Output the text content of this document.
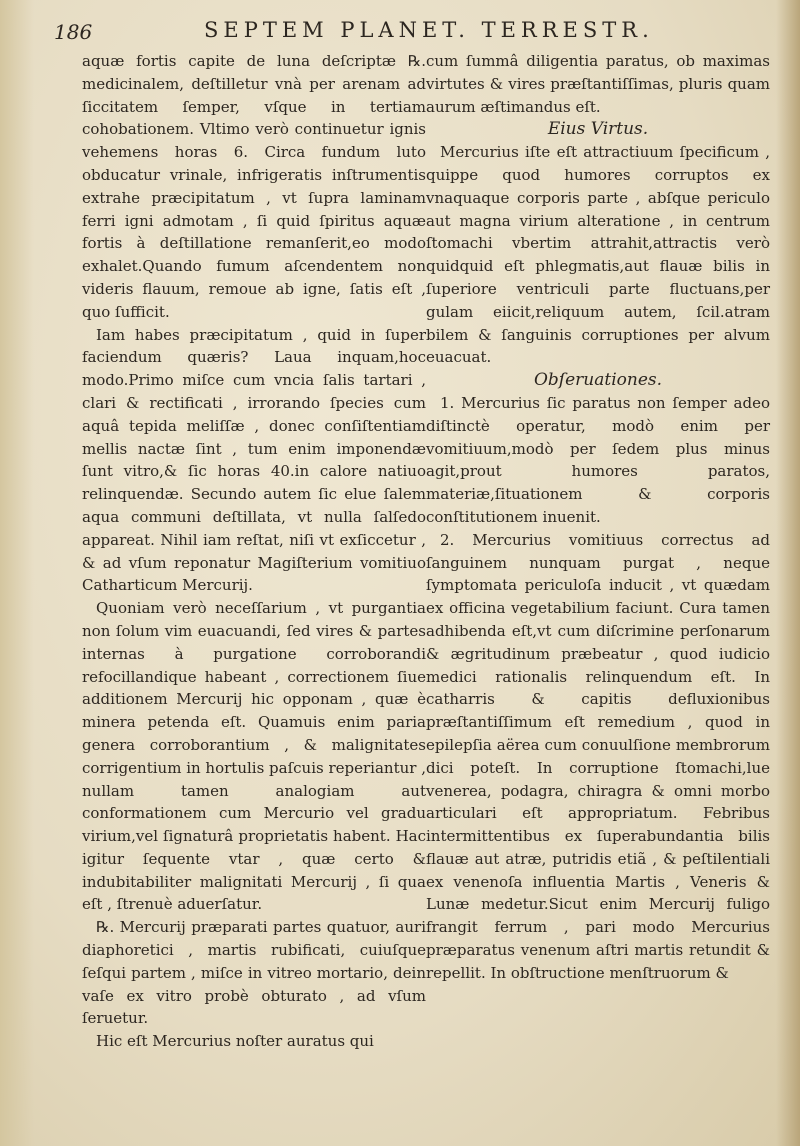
186	SEPTEM PLANET. TERRESTR.

aquæ fortis capite de luna deſcriptæ ℞. medicinalem, deſtilletur vnà per arenam ad ſiccitatem ſemper, vſque in tertiam cohobationem. Vltimo verò continuetur ignis vehemens horas 6. Circa fundum luto obducatur vrinale, infrigeratis inſtrumentis extrahe præcipitatum , vt ſupra laminam ferri igni admotam , ſi quid ſpiritus aquæ fortis à deſtillatione remanſerit,eo modo exhalet.Quando fumum aſcendentem non videris flauum, remoue ab igne, ſatis eſt , quo ſufficit.

Iam habes præcipitatum , quid in ſuper faciendum quæris? Laua inquam,hoc modo.Primo miſce cum vncia ſalis tartari , clari & rectificati , irrorando ſpecies cum aquâ tepida meliſſæ , donec conſiſtentiam mellis nactæ ſint , tum enim imponendæ ſunt vitro,& ſic horas 40.in calore natiuo relinquendæ. Secundo autem ſic elue ſalem aqua communi deſtillata, vt nulla ſalſedo appareat. Nihil iam reſtat, niſi vt exſiccetur , & ad vſum reponatur Magiſterium vomitiuo Catharticum Mercurij.

Quoniam verò neceſſarium , vt purgantia non ſolum vim euacuandi, ſed vires & partes internas à purgatione corroborandi refocillandique habeant , correctionem ſiue additionem Mercurij hic opponam , quæ è minera petenda eſt. Quamuis enim paria genera corroborantium , & malignitates corrigentium in hortulis paſcuis reperiantur , nullam tamen analogiam aut conformationem cum Mercurio vel gradu virium,vel ſignaturâ proprietatis habent. Hac igitur ſequente vtar , quæ certo & indubitabiliter malignitati Mercurij , ſi qua eſt , ſtrenuè aduerſatur.

℞. Mercurij præparati partes quatuor, auri diaphoretici , martis rubificati, cuiuſque ſeſqui partem , miſce in vitreo mortario, dein vaſe ex vitro probè obturato , ad vſum ſeruetur.

Hic eſt Mercurius noſter auratus qui

cum ſummâ diligentia paratus, ob maximas virtutes & vires præſtantiſſimas, pluris quam aurum æſtimandus eſt.

Eius Virtus.

Mercurius iſte eſt attractiuum ſpecificum , quippe quod humores corruptos ex vnaquaque corporis parte , abſque periculo aut magna virium alteratione , in centrum ſtomachi vbertim attrahit,attractis verò quidquid eſt phlegmatis,aut flauæ bilis in ſuperiore ventriculi parte fluctuans,per gulam eiicit,reliquum autem, ſcil.atram bilem & ſanguinis corruptiones per alvum euacuat.

Obſeruationes.

1. Mercurius ſic paratus non ſemper adeo diſtinctè operatur, modò enim per vomitiuum,modò per ſedem plus minus agit,prout humores paratos, materiæ,ſituationem & corporis conſtitutionem inuenit.

2. Mercurius vomitiuus correctus ad ſanguinem nunquam purgat , neque ſymptomata periculoſa inducit , vt quædam ex officina vegetabilium faciunt. Cura tamen adhibenda eſt,vt cum diſcrimine perſonarum & ægritudinum præbeatur , quod iudicio medici rationalis relinquendum eſt. In catharris & capitis defluxionibus præſtantiſſimum eſt remedium , quod in epilepſia aërea cum conuulſione membrorum dici poteſt. In corruptione ſtomachi,lue venerea, podagra, chiragra & omni morbo articulari eſt appropriatum. Febribus intermittentibus ex ſuperabundantia bilis flauæ aut atræ, putridis etiã , & peſtilentiali ex venenoſa influentia Martis , Veneris & Lunæ medetur.Sicut enim Mercurij fuligo frangit ferrum , pari modo Mercurius præparatus venenum aſtri martis retundit & repellit. In obſtructione menſtruorum &
